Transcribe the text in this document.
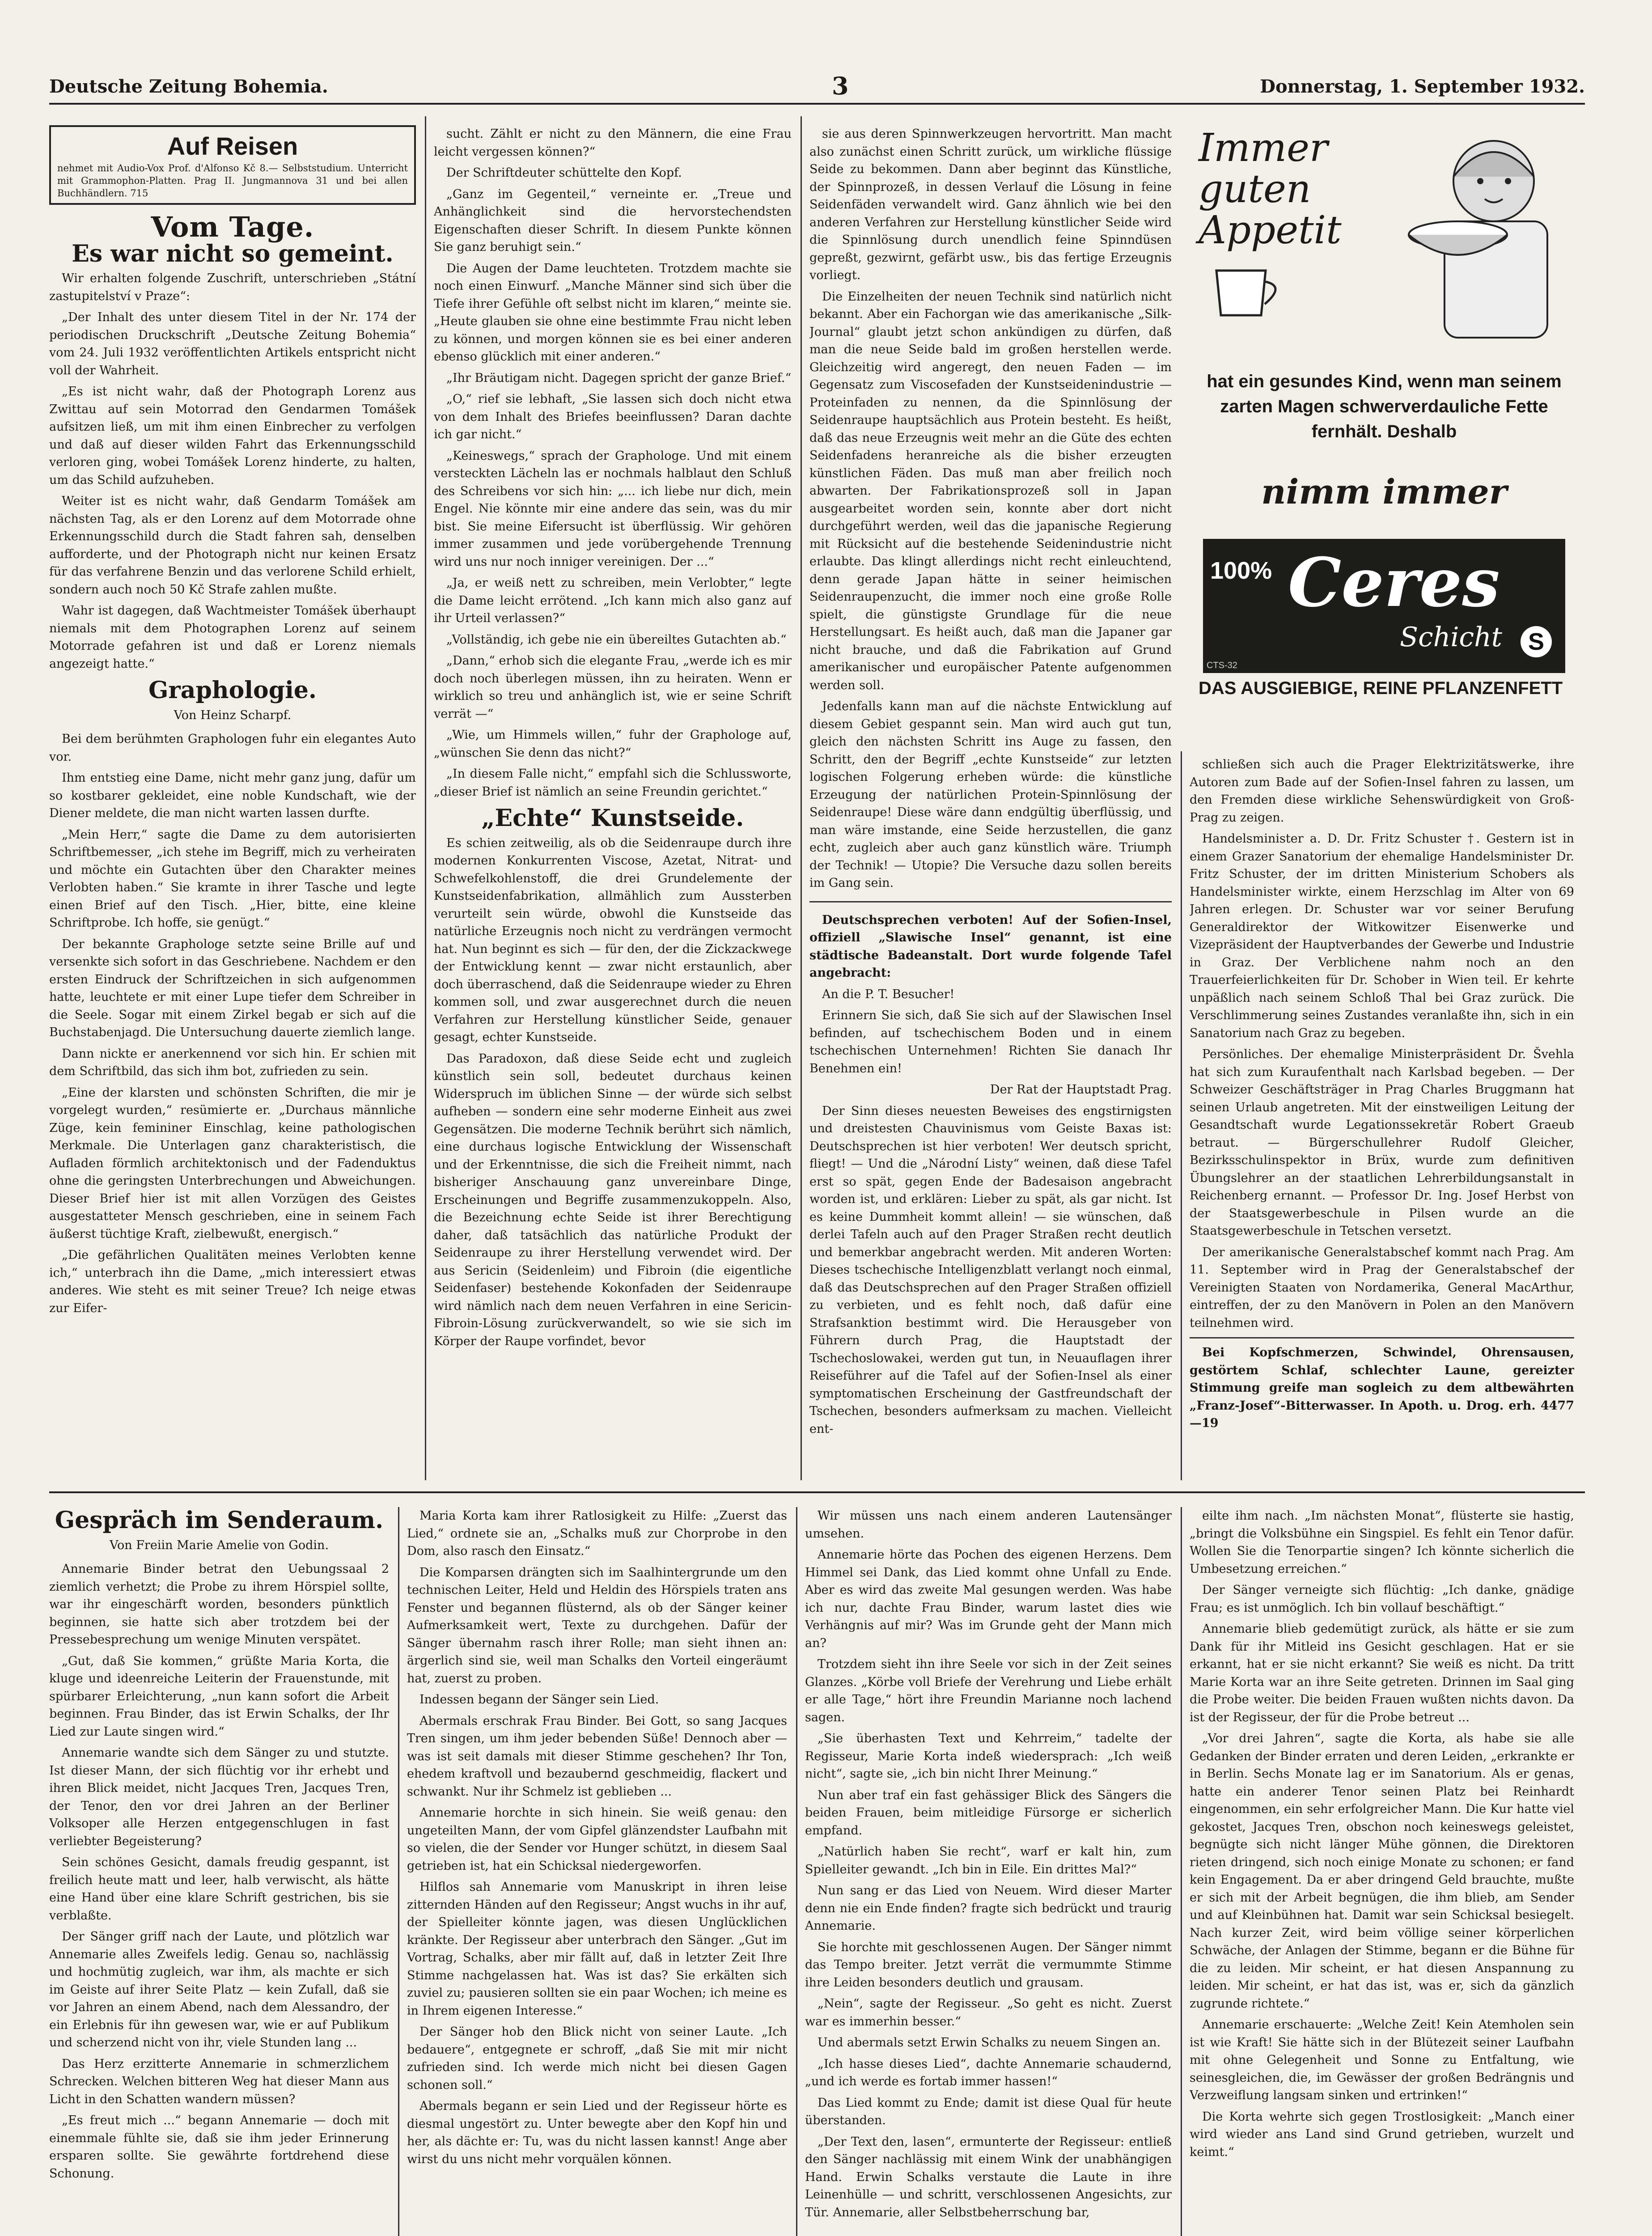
Deutsche Zeitung Bohemia.	3	Donnerstag, 1. September 1932.
Auf Reisen
nehmet mit Audio-Vox Prof. d'Alfonso Kč 8.— Selbststudium. Unterricht mit Grammophon-Platten. Prag II. Jungmannova 31 und bei allen Buchhändlern. 715
Vom Tage.
Es war nicht so gemeint.

Wir erhalten folgende Zuschrift, unterschrieben „Státní zastupitelství v Praze“:

„Der Inhalt des unter diesem Titel in der Nr. 174 der periodischen Druckschrift „Deutsche Zeitung Bohemia“ vom 24. Juli 1932 veröffentlichten Artikels entspricht nicht voll der Wahrheit.

„Es ist nicht wahr, daß der Photograph Lorenz aus Zwittau auf sein Motorrad den Gendarmen Tomášek aufsitzen ließ, um mit ihm einen Einbrecher zu verfolgen und daß auf dieser wilden Fahrt das Erkennungsschild verloren ging, wobei Tomášek Lorenz hinderte, zu halten, um das Schild aufzuheben.

Weiter ist es nicht wahr, daß Gendarm Tomášek am nächsten Tag, als er den Lorenz auf dem Motorrade ohne Erkennungsschild durch die Stadt fahren sah, denselben aufforderte, und der Photograph nicht nur keinen Ersatz für das verfahrene Benzin und das verlorene Schild erhielt, sondern auch noch 50 Kč Strafe zahlen mußte.

Wahr ist dagegen, daß Wachtmeister Tomášek überhaupt niemals mit dem Photographen Lorenz auf seinem Motorrade gefahren ist und daß er Lorenz niemals angezeigt hatte.“

Graphologie.
Von Heinz Scharpf.

Bei dem berühmten Graphologen fuhr ein elegantes Auto vor.

Ihm entstieg eine Dame, nicht mehr ganz jung, dafür um so kostbarer gekleidet, eine noble Kundschaft, wie der Diener meldete, die man nicht warten lassen durfte.

„Mein Herr,“ sagte die Dame zu dem autorisierten Schriftbemesser, „ich stehe im Begriff, mich zu verheiraten und möchte ein Gutachten über den Charakter meines Verlobten haben.“ Sie kramte in ihrer Tasche und legte einen Brief auf den Tisch. „Hier, bitte, eine kleine Schriftprobe. Ich hoffe, sie genügt.“

Der bekannte Graphologe setzte seine Brille auf und versenkte sich sofort in das Geschriebene. Nachdem er den ersten Eindruck der Schriftzeichen in sich aufgenommen hatte, leuchtete er mit einer Lupe tiefer dem Schreiber in die Seele. Sogar mit einem Zirkel begab er sich auf die Buchstabenjagd. Die Untersuchung dauerte ziemlich lange.

Dann nickte er anerkennend vor sich hin. Er schien mit dem Schriftbild, das sich ihm bot, zufrieden zu sein.

„Eine der klarsten und schönsten Schriften, die mir je vorgelegt wurden,“ resümierte er. „Durchaus männliche Züge, kein femininer Einschlag, keine pathologischen Merkmale. Die Unterlagen ganz charakteristisch, die Aufladen förmlich architektonisch und der Fadenduktus ohne die geringsten Unterbrechungen und Abweichungen. Dieser Brief hier ist mit allen Vorzügen des Geistes ausgestatteter Mensch geschrieben, eine in seinem Fach äußerst tüchtige Kraft, zielbewußt, energisch.“

„Die gefährlichen Qualitäten meines Verlobten kenne ich,“ unterbrach ihn die Dame, „mich interessiert etwas anderes. Wie steht es mit seiner Treue? Ich neige etwas zur Eifer-

sucht. Zählt er nicht zu den Männern, die eine Frau leicht vergessen können?“

Der Schriftdeuter schüttelte den Kopf.

„Ganz im Gegenteil,“ verneinte er. „Treue und Anhänglichkeit sind die hervorstechendsten Eigenschaften dieser Schrift. In diesem Punkte können Sie ganz beruhigt sein.“

Die Augen der Dame leuchteten. Trotzdem machte sie noch einen Einwurf. „Manche Männer sind sich über die Tiefe ihrer Gefühle oft selbst nicht im klaren,“ meinte sie. „Heute glauben sie ohne eine bestimmte Frau nicht leben zu können, und morgen können sie es bei einer anderen ebenso glücklich mit einer anderen.“

„Ihr Bräutigam nicht. Dagegen spricht der ganze Brief.“

„O,“ rief sie lebhaft, „Sie lassen sich doch nicht etwa von dem Inhalt des Briefes beeinflussen? Daran dachte ich gar nicht.“

„Keineswegs,“ sprach der Graphologe. Und mit einem versteckten Lächeln las er nochmals halblaut den Schluß des Schreibens vor sich hin: „... ich liebe nur dich, mein Engel. Nie könnte mir eine andere das sein, was du mir bist. Sie meine Eifersucht ist überflüssig. Wir gehören immer zusammen und jede vorübergehende Trennung wird uns nur noch inniger vereinigen. Der ...“

„Ja, er weiß nett zu schreiben, mein Verlobter,“ legte die Dame leicht errötend. „Ich kann mich also ganz auf ihr Urteil verlassen?“

„Vollständig, ich gebe nie ein übereiltes Gutachten ab.“

„Dann,“ erhob sich die elegante Frau, „werde ich es mir doch noch überlegen müssen, ihn zu heiraten. Wenn er wirklich so treu und anhänglich ist, wie er seine Schrift verrät —“

„Wie, um Himmels willen,“ fuhr der Graphologe auf, „wünschen Sie denn das nicht?“

„In diesem Falle nicht,“ empfahl sich die Schlussworte, „dieser Brief ist nämlich an seine Freundin gerichtet.“

„Echte“ Kunstseide.

Es schien zeitweilig, als ob die Seidenraupe durch ihre modernen Konkurrenten Viscose, Azetat, Nitrat- und Schwefelkohlenstoff, die drei Grundelemente der Kunstseidenfabrikation, allmählich zum Aussterben verurteilt sein würde, obwohl die Kunstseide das natürliche Erzeugnis noch nicht zu verdrängen vermocht hat. Nun beginnt es sich — für den, der die Zickzackwege der Entwicklung kennt — zwar nicht erstaunlich, aber doch überraschend, daß die Seidenraupe wieder zu Ehren kommen soll, und zwar ausgerechnet durch die neuen Verfahren zur Herstellung künstlicher Seide, genauer gesagt, echter Kunstseide.

Das Paradoxon, daß diese Seide echt und zugleich künstlich sein soll, bedeutet durchaus keinen Widerspruch im üblichen Sinne — der würde sich selbst aufheben — sondern eine sehr moderne Einheit aus zwei Gegensätzen. Die moderne Technik berührt sich nämlich, eine durchaus logische Entwicklung der Wissenschaft und der Erkenntnisse, die sich die Freiheit nimmt, nach bisheriger Anschauung ganz unvereinbare Dinge, Erscheinungen und Begriffe zusammenzukoppeln. Also, die Bezeichnung echte Seide ist ihrer Berechtigung daher, daß tatsächlich das natürliche Produkt der Seidenraupe zu ihrer Herstellung verwendet wird. Der aus Sericin (Seidenleim) und Fibroin (die eigentliche Seidenfaser) bestehende Kokonfaden der Seidenraupe wird nämlich nach dem neuen Verfahren in eine Sericin-Fibroin-Lösung zurückverwandelt, so wie sie sich im Körper der Raupe vorfindet, bevor

sie aus deren Spinnwerkzeugen hervortritt. Man macht also zunächst einen Schritt zurück, um wirkliche flüssige Seide zu bekommen. Dann aber beginnt das Künstliche, der Spinnprozeß, in dessen Verlauf die Lösung in feine Seidenfäden verwandelt wird. Ganz ähnlich wie bei den anderen Verfahren zur Herstellung künstlicher Seide wird die Spinnlösung durch unendlich feine Spinndüsen gepreßt, gezwirnt, gefärbt usw., bis das fertige Erzeugnis vorliegt.

Die Einzelheiten der neuen Technik sind natürlich nicht bekannt. Aber ein Fachorgan wie das amerikanische „Silk-Journal“ glaubt jetzt schon ankündigen zu dürfen, daß man die neue Seide bald im großen herstellen werde. Gleichzeitig wird angeregt, den neuen Faden — im Gegensatz zum Viscosefaden der Kunstseidenindustrie — Proteinfaden zu nennen, da die Spinnlösung der Seidenraupe hauptsächlich aus Protein besteht. Es heißt, daß das neue Erzeugnis weit mehr an die Güte des echten Seidenfadens heranreiche als die bisher erzeugten künstlichen Fäden. Das muß man aber freilich noch abwarten. Der Fabrikationsprozeß soll in Japan ausgearbeitet worden sein, konnte aber dort nicht durchgeführt werden, weil das die japanische Regierung mit Rücksicht auf die bestehende Seidenindustrie nicht erlaubte. Das klingt allerdings nicht recht einleuchtend, denn gerade Japan hätte in seiner heimischen Seidenraupenzucht, die immer noch eine große Rolle spielt, die günstigste Grundlage für die neue Herstellungsart. Es heißt auch, daß man die Japaner gar nicht brauche, und daß die Fabrikation auf Grund amerikanischer und europäischer Patente aufgenommen werden soll.

Jedenfalls kann man auf die nächste Entwicklung auf diesem Gebiet gespannt sein. Man wird auch gut tun, gleich den nächsten Schritt ins Auge zu fassen, den Schritt, den der Begriff „echte Kunstseide“ zur letzten logischen Folgerung erheben würde: die künstliche Erzeugung der natürlichen Protein-Spinnlösung der Seidenraupe! Diese wäre dann endgültig überflüssig, und man wäre imstande, eine Seide herzustellen, die ganz echt, zugleich aber auch ganz künstlich wäre. Triumph der Technik! — Utopie? Die Versuche dazu sollen bereits im Gang sein.

Deutschsprechen verboten! Auf der Sofien-Insel, offiziell „Slawische Insel“ genannt, ist eine städtische Badeanstalt. Dort wurde folgende Tafel angebracht:

An die P. T. Besucher!

Erinnern Sie sich, daß Sie sich auf der Slawischen Insel befinden, auf tschechischem Boden und in einem tschechischen Unternehmen! Richten Sie danach Ihr Benehmen ein!

Der Rat der Hauptstadt Prag.

Der Sinn dieses neuesten Beweises des engstirnigsten und dreistesten Chauvinismus vom Geiste Baxas ist: Deutschsprechen ist hier verboten! Wer deutsch spricht, fliegt! — Und die „Národní Listy“ weinen, daß diese Tafel erst so spät, gegen Ende der Badesaison angebracht worden ist, und erklären: Lieber zu spät, als gar nicht. Ist es keine Dummheit kommt allein! — sie wünschen, daß derlei Tafeln auch auf den Prager Straßen recht deutlich und bemerkbar angebracht werden. Mit anderen Worten: Dieses tschechische Intelligenzblatt verlangt noch einmal, daß das Deutschsprechen auf den Prager Straßen offiziell zu verbieten, und es fehlt noch, daß dafür eine Strafsanktion bestimmt wird. Die Herausgeber von Führern durch Prag, die Hauptstadt der Tschechoslowakei, werden gut tun, in Neuauflagen ihrer Reiseführer auf die Tafel auf der Sofien-Insel als einer symptomatischen Erscheinung der Gastfreundschaft der Tschechen, besonders aufmerksam zu machen. Vielleicht ent-

Immer guten Appetit
hat ein gesundes Kind, wenn man seinem zarten Magen schwerverdauliche Fette fernhält. Deshalb
nimm immer
100% Ceres
Schicht	S
CTS-32
DAS AUSGIEBIGE, REINE PFLANZENFETT

schließen sich auch die Prager Elektrizitätswerke, ihre Autoren zum Bade auf der Sofien-Insel fahren zu lassen, um den Fremden diese wirkliche Sehenswürdigkeit von Groß-Prag zu zeigen.

Handelsminister a. D. Dr. Fritz Schuster †. Gestern ist in einem Grazer Sanatorium der ehemalige Handelsminister Dr. Fritz Schuster, der im dritten Ministerium Schobers als Handelsminister wirkte, einem Herzschlag im Alter von 69 Jahren erlegen. Dr. Schuster war vor seiner Berufung Generaldirektor der Witkowitzer Eisenwerke und Vizepräsident der Hauptverbandes der Gewerbe und Industrie in Graz. Der Verblichene nahm noch an den Trauerfeierlichkeiten für Dr. Schober in Wien teil. Er kehrte unpäßlich nach seinem Schloß Thal bei Graz zurück. Die Verschlimmerung seines Zustandes veranlaßte ihn, sich in ein Sanatorium nach Graz zu begeben.

Persönliches. Der ehemalige Ministerpräsident Dr. Švehla hat sich zum Kuraufenthalt nach Karlsbad begeben. — Der Schweizer Geschäftsträger in Prag Charles Bruggmann hat seinen Urlaub angetreten. Mit der einstweiligen Leitung der Gesandtschaft wurde Legationssekretär Robert Graeub betraut. — Bürgerschullehrer Rudolf Gleicher, Bezirksschulinspektor in Brüx, wurde zum definitiven Übungslehrer an der staatlichen Lehrerbildungsanstalt in Reichenberg ernannt. — Professor Dr. Ing. Josef Herbst von der Staatsgewerbeschule in Pilsen wurde an die Staatsgewerbeschule in Tetschen versetzt.

Der amerikanische Generalstabschef kommt nach Prag. Am 11. September wird in Prag der Generalstabschef der Vereinigten Staaten von Nordamerika, General MacArthur, eintreffen, der zu den Manövern in Polen an den Manövern teilnehmen wird.

Bei Kopfschmerzen, Schwindel, Ohrensausen, gestörtem Schlaf, schlechter Laune, gereizter Stimmung greife man sogleich zu dem altbewährten „Franz-Josef“-Bitterwasser. In Apoth. u. Drog. erh. 4477—19

Gespräch im Senderaum.
Von Freiin Marie Amelie von Godin.

Annemarie Binder betrat den Uebungssaal 2 ziemlich verhetzt; die Probe zu ihrem Hörspiel sollte, war ihr eingeschärft worden, besonders pünktlich beginnen, sie hatte sich aber trotzdem bei der Pressebesprechung um wenige Minuten verspätet.

„Gut, daß Sie kommen,“ grüßte Maria Korta, die kluge und ideenreiche Leiterin der Frauenstunde, mit spürbarer Erleichterung, „nun kann sofort die Arbeit beginnen. Frau Binder, das ist Erwin Schalks, der Ihr Lied zur Laute singen wird.“

Annemarie wandte sich dem Sänger zu und stutzte. Ist dieser Mann, der sich flüchtig vor ihr erhebt und ihren Blick meidet, nicht Jacques Tren, Jacques Tren, der Tenor, den vor drei Jahren an der Berliner Volksoper alle Herzen entgegenschlugen in fast verliebter Begeisterung?

Sein schönes Gesicht, damals freudig gespannt, ist freilich heute matt und leer, halb verwischt, als hätte eine Hand über eine klare Schrift gestrichen, bis sie verblaßte.

Der Sänger griff nach der Laute, und plötzlich war Annemarie alles Zweifels ledig. Genau so, nachlässig und hochmütig zugleich, war ihm, als machte er sich im Geiste auf ihrer Seite Platz — kein Zufall, daß sie vor Jahren an einem Abend, nach dem Alessandro, der ein Erlebnis für ihn gewesen war, wie er auf Publikum und scherzend nicht von ihr, viele Stunden lang ...

Das Herz erzitterte Annemarie in schmerzlichem Schrecken. Welchen bitteren Weg hat dieser Mann aus Licht in den Schatten wandern müssen?

„Es freut mich ...“ begann Annemarie — doch mit einemmale fühlte sie, daß sie ihm jeder Erinnerung ersparen sollte. Sie gewährte fortdrehend diese Schonung.

Maria Korta kam ihrer Ratlosigkeit zu Hilfe: „Zuerst das Lied,“ ordnete sie an, „Schalks muß zur Chorprobe in den Dom, also rasch den Einsatz.“

Die Komparsen drängten sich im Saalhintergrunde um den technischen Leiter, Held und Heldin des Hörspiels traten ans Fenster und begannen flüsternd, als ob der Sänger keiner Aufmerksamkeit wert, Texte zu durchgehen. Dafür der Sänger übernahm rasch ihrer Rolle; man sieht ihnen an: ärgerlich sind sie, weil man Schalks den Vorteil eingeräumt hat, zuerst zu proben.

Indessen begann der Sänger sein Lied.

Abermals erschrak Frau Binder. Bei Gott, so sang Jacques Tren singen, um ihm jeder bebenden Süße! Dennoch aber — was ist seit damals mit dieser Stimme geschehen? Ihr Ton, ehedem kraftvoll und bezaubernd geschmeidig, flackert und schwankt. Nur ihr Schmelz ist geblieben ...

Annemarie horchte in sich hinein. Sie weiß genau: den ungeteilten Mann, der vom Gipfel glänzendster Laufbahn mit so vielen, die der Sender vor Hunger schützt, in diesem Saal getrieben ist, hat ein Schicksal niedergeworfen.

Hilflos sah Annemarie vom Manuskript in ihren leise zitternden Händen auf den Regisseur; Angst wuchs in ihr auf, der Spielleiter könnte jagen, was diesen Unglücklichen kränkte. Der Regisseur aber unterbrach den Sänger. „Gut im Vortrag, Schalks, aber mir fällt auf, daß in letzter Zeit Ihre Stimme nachgelassen hat. Was ist das? Sie erkälten sich zuviel zu; pausieren sollten sie ein paar Wochen; ich meine es in Ihrem eigenen Interesse.“

Der Sänger hob den Blick nicht von seiner Laute. „Ich bedauere“, entgegnete er schroff, „daß Sie mit mir nicht zufrieden sind. Ich werde mich nicht bei diesen Gagen schonen soll.“

Abermals begann er sein Lied und der Regisseur hörte es diesmal ungestört zu. Unter bewegte aber den Kopf hin und her, als dächte er: Tu, was du nicht lassen kannst! Ange aber wirst du uns nicht mehr vorquälen können.

Wir müssen uns nach einem anderen Lautensänger umsehen.

Annemarie hörte das Pochen des eigenen Herzens. Dem Himmel sei Dank, das Lied kommt ohne Unfall zu Ende. Aber es wird das zweite Mal gesungen werden. Was habe ich nur, dachte Frau Binder, warum lastet dies wie Verhängnis auf mir? Was im Grunde geht der Mann mich an?

Trotzdem sieht ihn ihre Seele vor sich in der Zeit seines Glanzes. „Körbe voll Briefe der Verehrung und Liebe erhält er alle Tage,“ hört ihre Freundin Marianne noch lachend sagen.

„Sie überhasten Text und Kehrreim,“ tadelte der Regisseur, Marie Korta indeß wiedersprach: „Ich weiß nicht“, sagte sie, „ich bin nicht Ihrer Meinung.“

Nun aber traf ein fast gehässiger Blick des Sängers die beiden Frauen, beim mitleidige Fürsorge er sicherlich empfand.

„Natürlich haben Sie recht“, warf er kalt hin, zum Spielleiter gewandt. „Ich bin in Eile. Ein drittes Mal?“

Nun sang er das Lied von Neuem. Wird dieser Marter denn nie ein Ende finden? fragte sich bedrückt und traurig Annemarie.

Sie horchte mit geschlossenen Augen. Der Sänger nimmt das Tempo breiter. Jetzt verrät die vermummte Stimme ihre Leiden besonders deutlich und grausam.

„Nein“, sagte der Regisseur. „So geht es nicht. Zuerst war es immerhin besser.“

Und abermals setzt Erwin Schalks zu neuem Singen an.

„Ich hasse dieses Lied“, dachte Annemarie schaudernd, „und ich werde es fortab immer hassen!“

Das Lied kommt zu Ende; damit ist diese Qual für heute überstanden.

„Der Text den, lasen“, ermunterte der Regisseur: entließ den Sänger nachlässig mit einem Wink der unabhängigen Hand. Erwin Schalks verstaute die Laute in ihre Leinenhülle — und schritt, verschlossenen Angesichts, zur Tür. Annemarie, aller Selbstbeherrschung bar,

eilte ihm nach. „Im nächsten Monat“, flüsterte sie hastig, „bringt die Volksbühne ein Singspiel. Es fehlt ein Tenor dafür. Wollen Sie die Tenorpartie singen? Ich könnte sicherlich die Umbesetzung erreichen.“

Der Sänger verneigte sich flüchtig: „Ich danke, gnädige Frau; es ist unmöglich. Ich bin vollauf beschäftigt.“

Annemarie blieb gedemütigt zurück, als hätte er sie zum Dank für ihr Mitleid ins Gesicht geschlagen. Hat er sie erkannt, hat er sie nicht erkannt? Sie weiß es nicht. Da tritt Marie Korta war an ihre Seite getreten. Drinnen im Saal ging die Probe weiter. Die beiden Frauen wußten nichts davon. Da ist der Regisseur, der für die Probe betreut ...

„Vor drei Jahren“, sagte die Korta, als habe sie alle Gedanken der Binder erraten und deren Leiden, „erkrankte er in Berlin. Sechs Monate lag er im Sanatorium. Als er genas, hatte ein anderer Tenor seinen Platz bei Reinhardt eingenommen, ein sehr erfolgreicher Mann. Die Kur hatte viel gekostet, Jacques Tren, obschon noch keineswegs geleistet, begnügte sich nicht länger Mühe gönnen, die Direktoren rieten dringend, sich noch einige Monate zu schonen; er fand kein Engagement. Da er aber dringend Geld brauchte, mußte er sich mit der Arbeit begnügen, die ihm blieb, am Sender und auf Kleinbühnen hat. Damit war sein Schicksal besiegelt. Nach kurzer Zeit, wird beim völlige seiner körperlichen Schwäche, der Anlagen der Stimme, begann er die Bühne für die zu leiden. Mir scheint, er hat diesen Anspannung zu leiden. Mir scheint, er hat das ist, was er, sich da gänzlich zugrunde richtete.“

Annemarie erschauerte: „Welche Zeit! Kein Atemholen sein ist wie Kraft! Sie hätte sich in der Blütezeit seiner Laufbahn mit ohne Gelegenheit und Sonne zu Entfaltung, wie seinesgleichen, die, im Gewässer der großen Bedrängnis und Verzweiflung langsam sinken und ertrinken!“

Die Korta wehrte sich gegen Trostlosigkeit: „Manch einer wird wieder ans Land sind Grund getrieben, wurzelt und keimt.“
